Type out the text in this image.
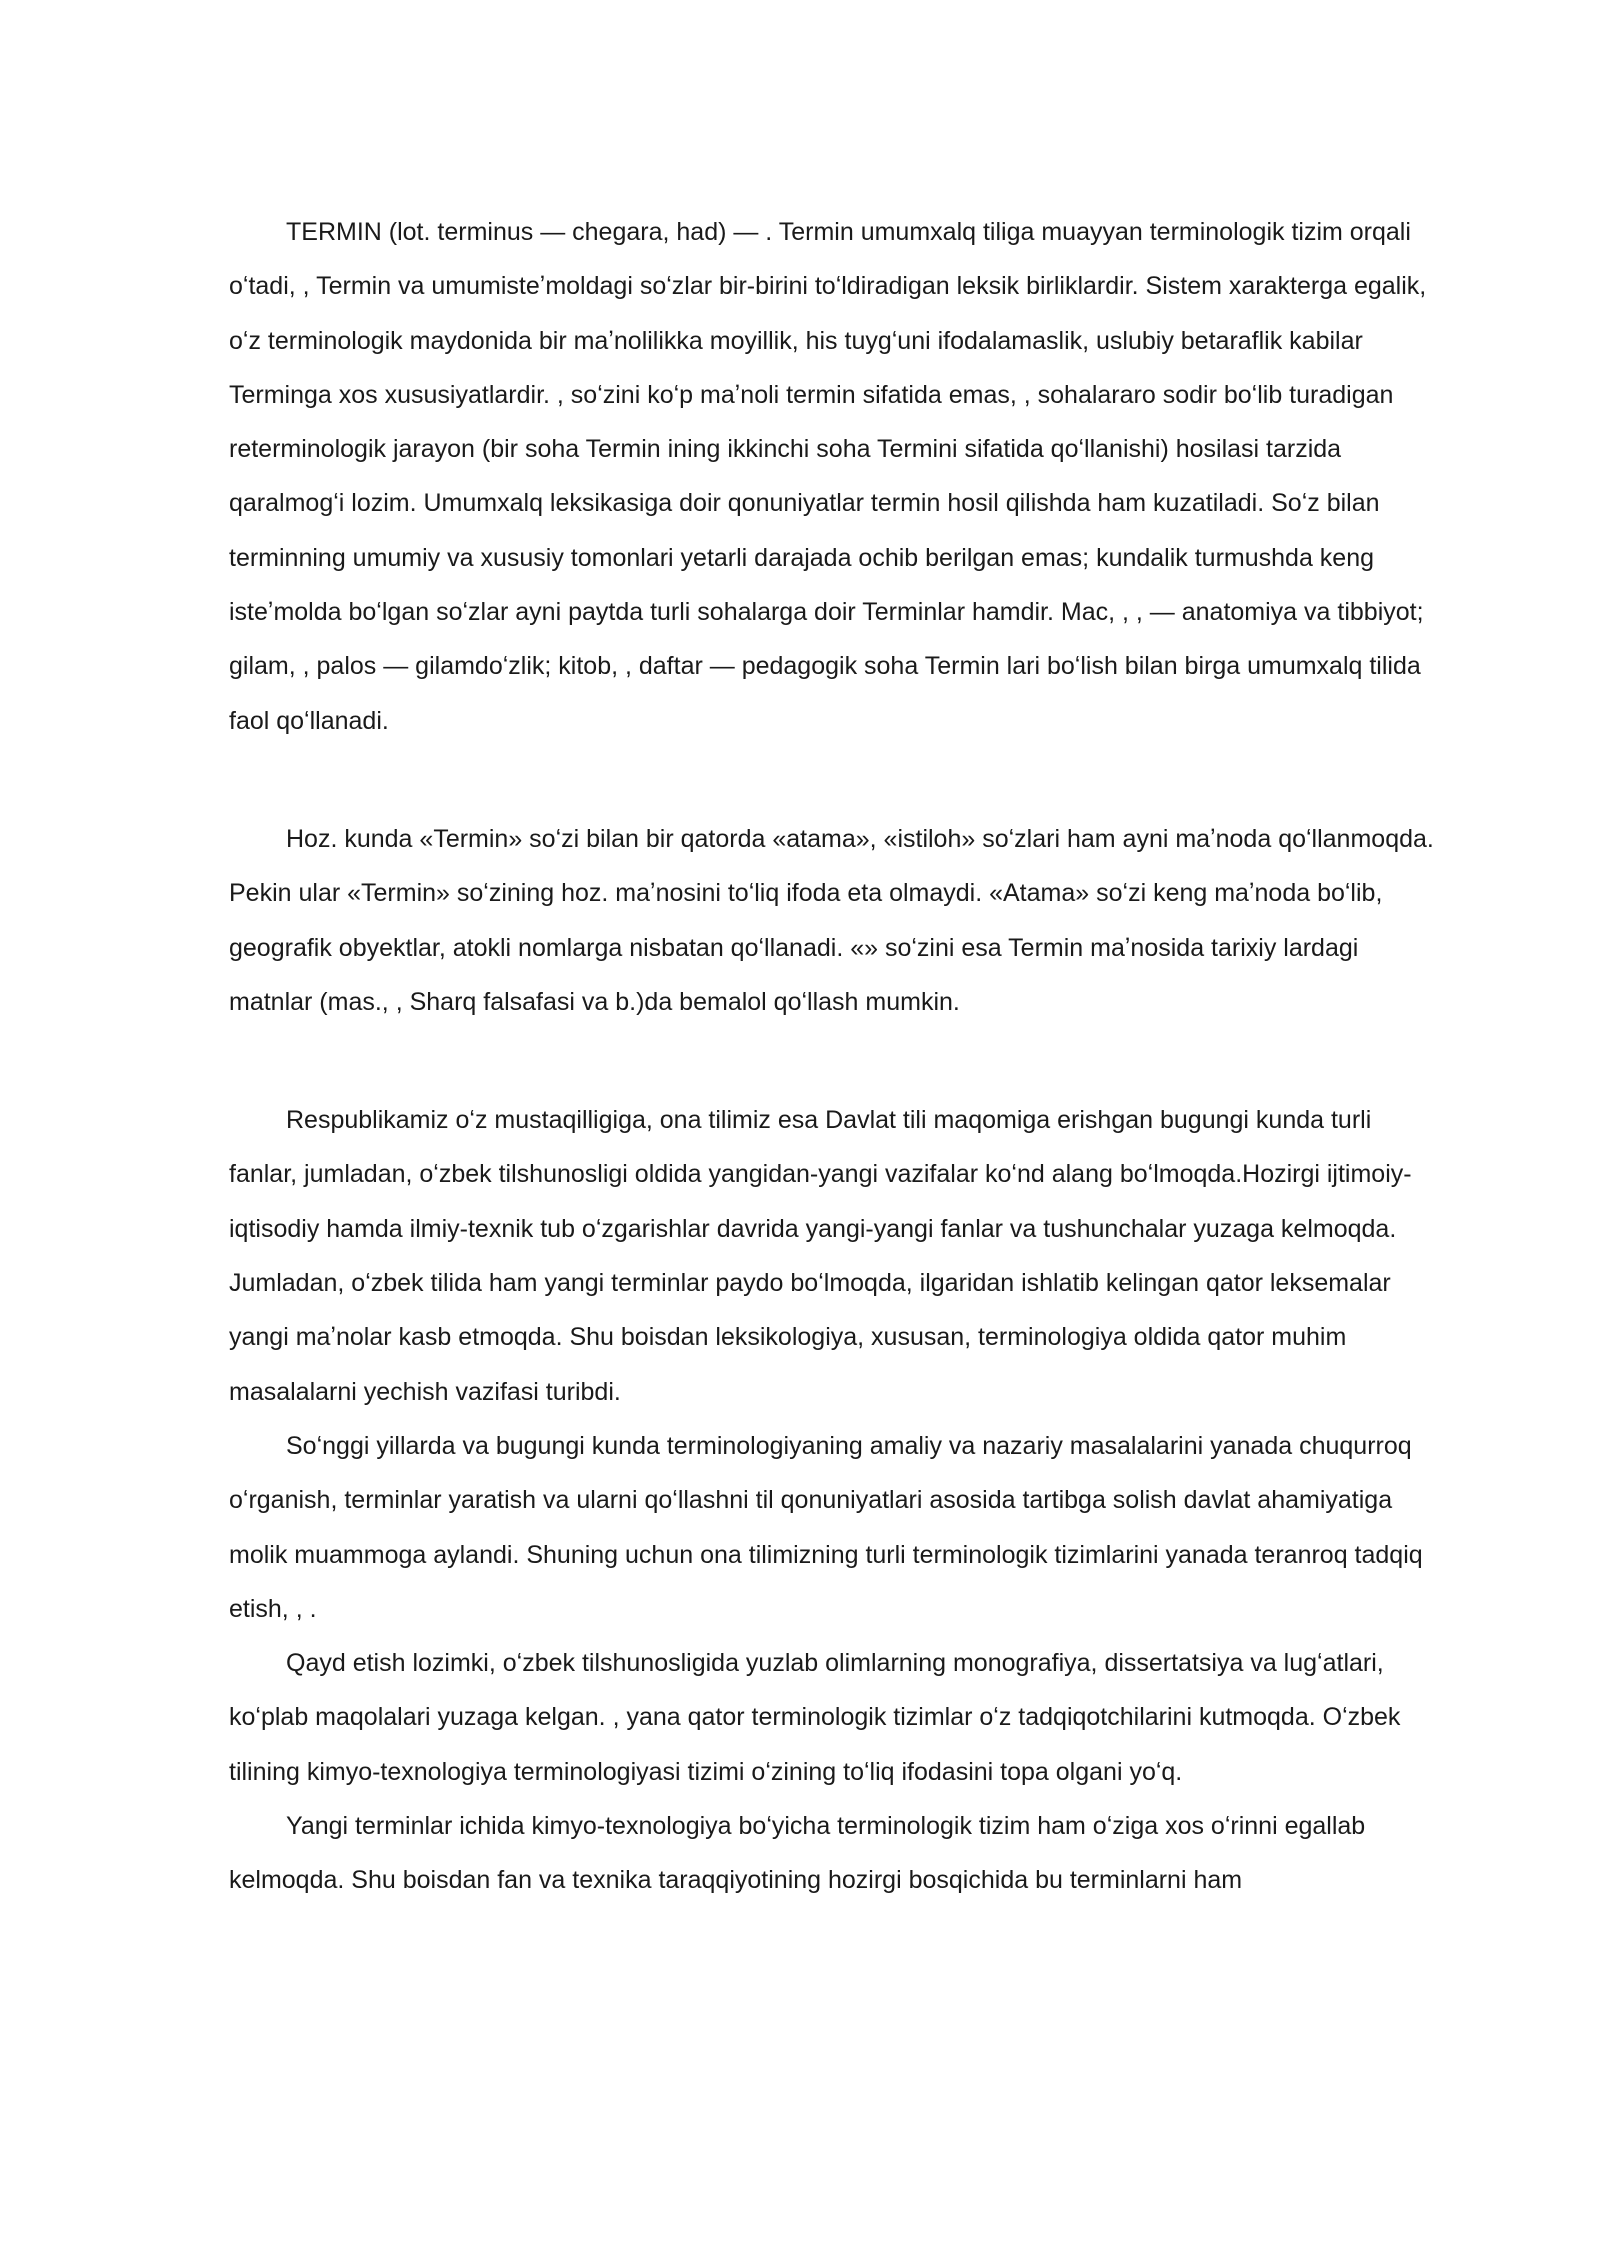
TERMIN (lot. terminus — chegara, had) — . Termin umumxalq tiliga muayyan terminologik tizim orqali oʻtadi, , Termin va umumisteʼmoldagi soʻzlar bir-birini toʻldiradigan leksik birliklardir. Sistem xarakterga egalik, oʻz terminologik maydonida bir maʼnolilikka moyillik, his tuygʻuni ifodalamaslik, uslubiy betaraflik kabilar Terminga xos xususiyatlardir. , soʻzini koʻp maʼnoli termin sifatida emas, , sohalararo sodir boʻlib turadigan reterminologik jarayon (bir soha Termin ining ikkinchi soha Termini sifatida qoʻllanishi) hosilasi tarzida qaralmogʻi lozim. Umumxalq leksikasiga doir qonuniyatlar termin hosil qilishda ham kuzatiladi. Soʻz bilan terminning umumiy va xususiy tomonlari yetarli darajada ochib berilgan emas; kundalik turmushda keng isteʼmolda boʻlgan soʻzlar ayni paytda turli sohalarga doir Terminlar hamdir. Mac, , , — anatomiya va tibbiyot; gilam, , palos — gilamdoʻzlik; kitob, , daftar — pedagogik soha Termin lari boʻlish bilan birga umumxalq tilida faol qoʻllanadi.

Hoz. kunda «Termin» soʻzi bilan bir qatorda «atama», «istiloh» soʻzlari ham ayni maʼnoda qoʻllanmoqda. Pekin ular «Termin» soʻzining hoz. maʼnosini toʻliq ifoda eta olmaydi. «Atama» soʻzi keng maʼnoda boʻlib, geografik obyektlar, atokli nomlarga nisbatan qoʻllanadi. «» soʻzini esa Termin maʼnosida tarixiy lardagi matnlar (mas., , Sharq falsafasi va b.)da bemalol qoʻllash mumkin.

Respublikamiz oʻz mustaqilligiga, ona tilimiz esa Davlat tili maqomiga erishgan bugungi kunda turli fanlar, jumladan, oʻzbek tilshunosligi oldida yangidan-yangi vazifalar koʻnd alang boʻlmoqda.Hozirgi ijtimoiy-iqtisodiy hamda ilmiy-texnik tub oʻzgarishlar davrida yangi-yangi fanlar va tushunchalar yuzaga kelmoqda. Jumladan, oʻzbek tilida ham yangi terminlar paydo boʻlmoqda, ilgaridan ishlatib kelingan qator leksemalar yangi maʼnolar kasb etmoqda. Shu boisdan leksikologiya, xususan, terminologiya oldida qator muhim masalalarni yechish vazifasi turibdi.

Soʻnggi yillarda va bugungi kunda terminologiyaning amaliy va nazariy masalalarini yanada chuqurroq oʻrganish, terminlar yaratish va ularni qoʻllashni til qonuniyatlari asosida tartibga solish davlat ahamiyatiga molik muammoga aylandi. Shuning uchun ona tilimizning turli terminologik tizimlarini yanada teranroq tadqiq etish, , .

Qayd etish lozimki, oʻzbek tilshunosligida yuzlab olimlarning monografiya, dissertatsiya va lugʻatlari, koʻplab maqolalari yuzaga kelgan. , yana qator terminologik tizimlar oʻz tadqiqotchilarini kutmoqda. Oʻzbek tilining kimyo-texnologiya terminologiyasi tizimi oʻzining toʻliq ifodasini topa olgani yoʻq.

Yangi terminlar ichida kimyo-texnologiya boʻyicha terminologik tizim ham oʻziga xos oʻrinni egallab kelmoqda. Shu boisdan fan va texnika taraqqiyotining hozirgi bosqichida bu terminlarni ham
